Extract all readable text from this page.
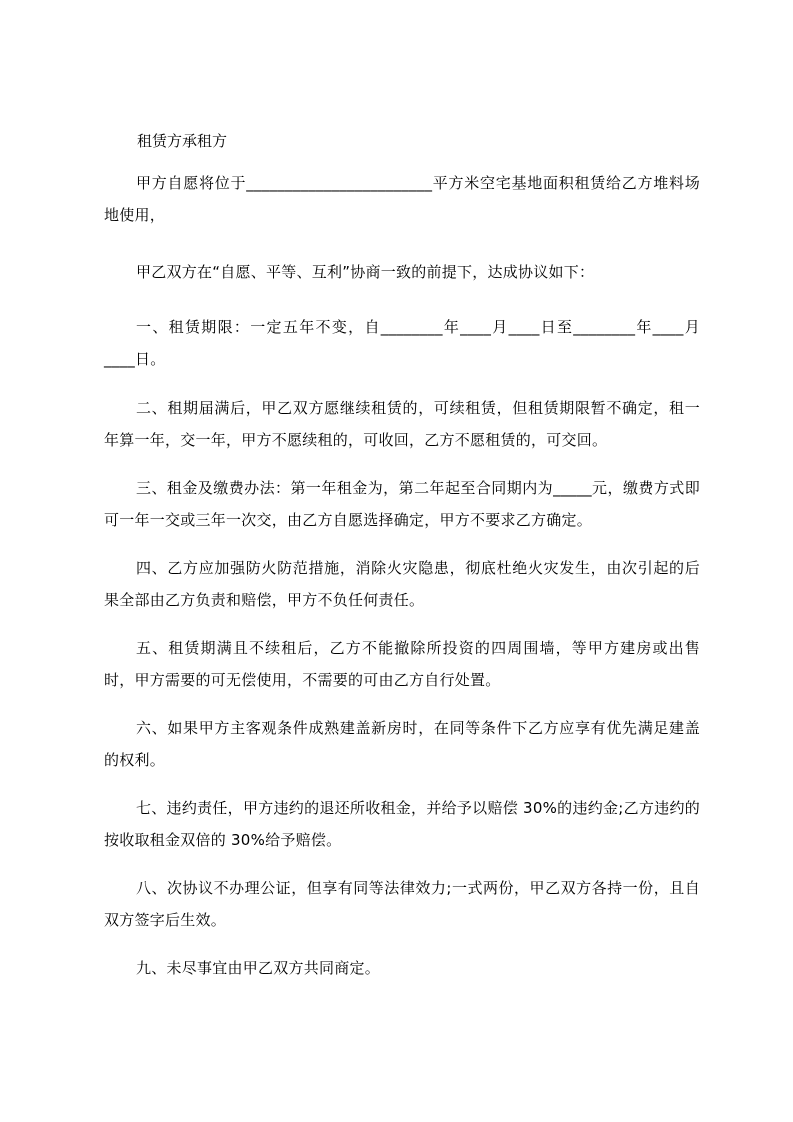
租赁方承租方

甲方自愿将位于________________________平方米空宅基地面积租赁给乙方堆料场地使用，

甲乙双方在“自愿、平等、互利”协商一致的前提下，达成协议如下：

一、租赁期限：一定五年不变，自________年____月____日至________年____月____日。

二、租期届满后，甲乙双方愿继续租赁的，可续租赁，但租赁期限暂不确定，租一年算一年，交一年，甲方不愿续租的，可收回，乙方不愿租赁的，可交回。

三、租金及缴费办法：第一年租金为，第二年起至合同期内为_____元，缴费方式即可一年一交或三年一次交，由乙方自愿选择确定，甲方不要求乙方确定。

四、乙方应加强防火防范措施，消除火灾隐患，彻底杜绝火灾发生，由次引起的后果全部由乙方负责和赔偿，甲方不负任何责任。

五、租赁期满且不续租后，乙方不能撤除所投资的四周围墙，等甲方建房或出售时，甲方需要的可无偿使用，不需要的可由乙方自行处置。

六、如果甲方主客观条件成熟建盖新房时，在同等条件下乙方应享有优先满足建盖的权利。

七、违约责任，甲方违约的退还所收租金，并给予以赔偿 30%的违约金;乙方违约的按收取租金双倍的 30%给予赔偿。

八、次协议不办理公证，但享有同等法律效力;一式两份，甲乙双方各持一份，且自双方签字后生效。

九、未尽事宜由甲乙双方共同商定。
